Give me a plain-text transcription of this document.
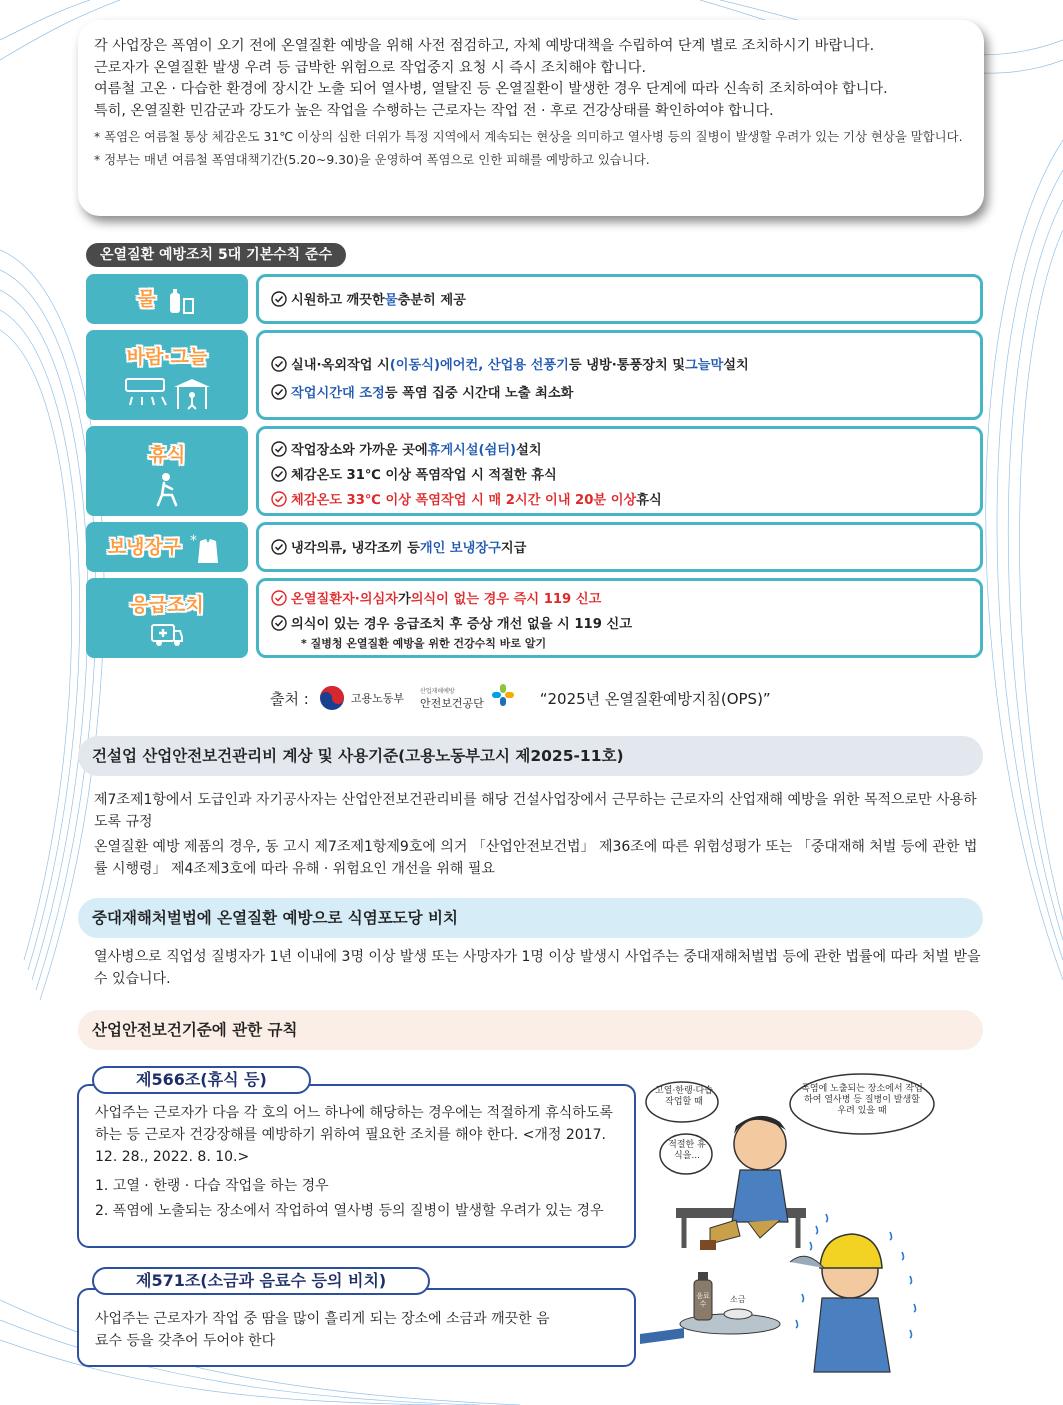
각 사업장은 폭염이 오기 전에 온열질환 예방을 위해 사전 점검하고, 자체 예방대책을 수립하여 단계 별로 조치하시기 바랍니다.

근로자가 온열질환 발생 우려 등 급박한 위험으로 작업중지 요청 시 즉시 조치해야 합니다.

여름철 고온 · 다습한 환경에 장시간 노출 되어 열사병, 열탈진 등 온열질환이 발생한 경우 단계에 따라 신속히 조치하여야 합니다.

특히, 온열질환 민감군과 강도가 높은 작업을 수행하는 근로자는 작업 전 · 후로 건강상태를 확인하여야 합니다.

* 폭염은 여름철 통상 체감온도 31℃ 이상의 심한 더위가 특정 지역에서 계속되는 현상을 의미하고 열사병 등의 질병이 발생할 우려가 있는 기상 현상을 말합니다.

* 정부는 매년 여름철 폭염대책기간(5.20~9.30)을 운영하여 폭염으로 인한 피해를 예방하고 있습니다.

온열질환 예방조치 5대 기본수칙 준수
물	시원하고 깨끗한 물 충분히 제공
바람·그늘	실내·옥외작업 시 (이동식)에어컨, 산업용 선풍기 등 냉방·통풍장치 및 그늘막 설치
작업시간대 조정 등 폭염 집중 시간대 노출 최소화
휴식	작업장소와 가까운 곳에 휴게시설(쉼터) 설치
체감온도 31℃ 이상 폭염작업 시 적절한 휴식
체감온도 33℃ 이상 폭염작업 시 매 2시간 이내 20분 이상 휴식
보냉장구 *	냉각의류, 냉각조끼 등 개인 보냉장구 지급
응급조치	온열질환자·의심자 가 의식이 없는 경우 즉시 119 신고
의식이 있는 경우 응급조치 후 증상 개선 없을 시 119 신고
* 질병청 온열질환 예방을 위한 건강수칙 바로 알기
출처 :	고용노동부
산업재해예방
안전보건공단	“2025년 온열질환예방지침(OPS)”
건설업 산업안전보건관리비 계상 및 사용기준(고용노동부고시 제2025-11호)

제7조제1항에서 도급인과 자기공사자는 산업안전보건관리비를 해당 건설사업장에서 근무하는 근로자의 산업재해 예방을 위한 목적으로만 사용하도록 규정

온열질환 예방 제품의 경우, 동 고시 제7조제1항제9호에 의거 「산업안전보건법」 제36조에 따른 위험성평가 또는 「중대재해 처벌 등에 관한 법률 시행령」 제4조제3호에 따라 유해 · 위험요인 개선을 위해 필요

중대재해처벌법에 온열질환 예방으로 식염포도당 비치

열사병으로 직업성 질병자가 1년 이내에 3명 이상 발생 또는 사망자가 1명 이상 발생시 사업주는 중대재해처벌법 등에 관한 법률에 따라 처벌 받을 수 있습니다.

산업안전보건기준에 관한 규칙

사업주는 근로자가 다음 각 호의 어느 하나에 해당하는 경우에는 적절하게 휴식하도록 하는 등 근로자 건강장해를 예방하기 위하여 필요한 조치를 해야 한다. <개정 2017. 12. 28., 2022. 8. 10.>

1. 고열 · 한랭 · 다습 작업을 하는 경우
2. 폭염에 노출되는 장소에서 작업하여 열사병 등의 질병이 발생할 우려가 있는 경우
제566조(휴식 등)

사업주는 근로자가 작업 중 땀을 많이 흘리게 되는 장소에 소금과 깨끗한 음료수 등을 갖추어 두어야 한다

제571조(소금과 음료수 등의 비치)
고열·한랭·다습 작업할 때
적절한 휴식을...
폭염에 노출되는 장소에서 작업하여 열사병 등 질병이 발생할 우려 있을 때
음료수	소금
